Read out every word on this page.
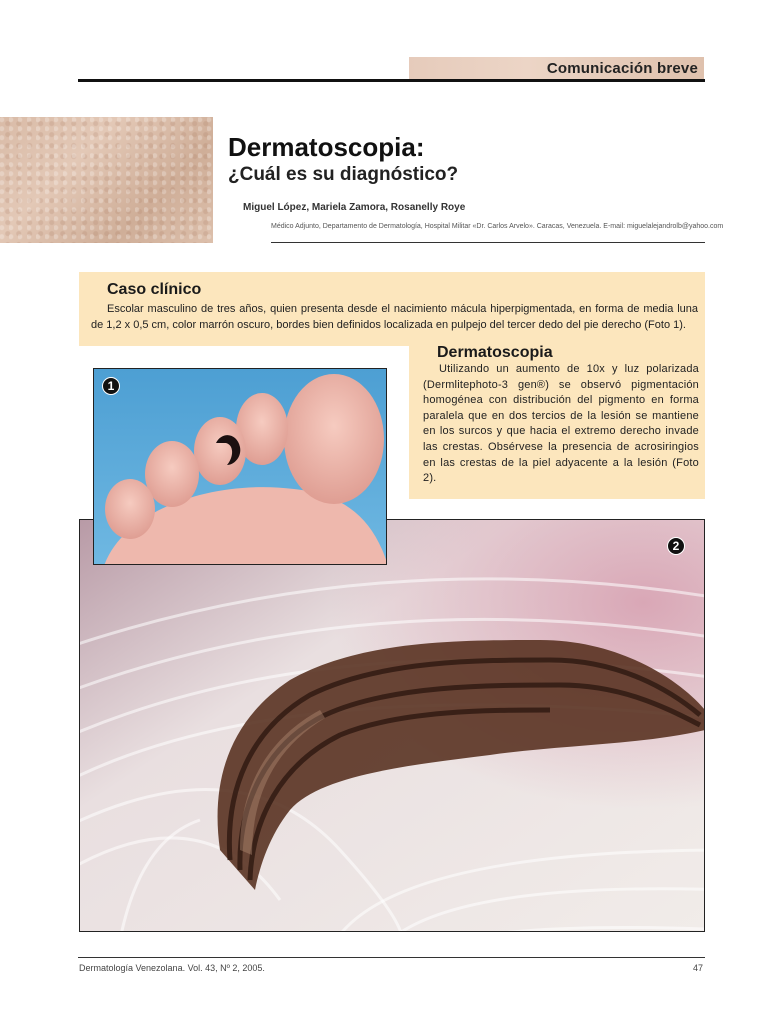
Comunicación breve
Dermatoscopia:
¿Cuál es su diagnóstico?
Miguel López, Mariela Zamora, Rosanelly Roye
Médico Adjunto, Departamento de Dermatología, Hospital Militar «Dr. Carlos Arvelo». Caracas, Venezuela. E-mail: miguelalejandrolb@yahoo.com
Caso clínico

Escolar masculino de tres años, quien presenta desde el nacimiento mácula hiperpigmentada, en forma de media luna de 1,2 x 0,5 cm, color marrón oscuro, bordes bien definidos localizada en pulpejo del tercer dedo del pie derecho (Foto 1).

Dermatoscopia

Utilizando un aumento de 10x y luz polarizada (Dermlitephoto-3 gen®) se observó pigmentación homogénea con distribución del pigmento en forma paralela que en dos tercios de la lesión se mantiene en los surcos y que hacia el extremo derecho invade las crestas. Obsérvese la presencia de acrosiringios en las crestas de la piel adyacente a la lesión (Foto 2).

2
1
Dermatología Venezolana. Vol. 43, Nº 2, 2005.	47
